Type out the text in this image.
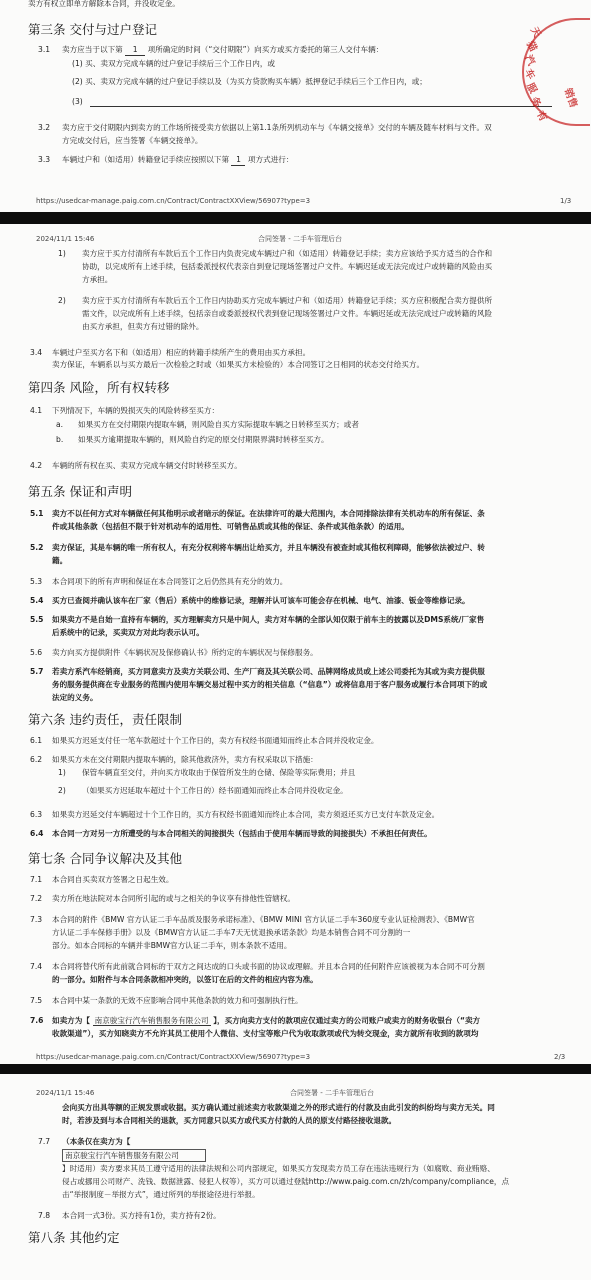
卖方有权立即单方解除本合同，并没收定金。
第三条 交付与过户登记
3.1 卖方应当于以下第 1 项所确定的时间（“交付期限”）向买方或买方委托的第三人交付车辆：
(1) 买、卖双方完成车辆的过户登记手续后三个工作日内，或
(2) 买、卖双方完成车辆的过户登记手续以及（为买方贷款购买车辆）抵押登记手续后三个工作日内，或；
(3)
3.2 卖方应于交付期限内到卖方的工作场所接受卖方依据以上第1.1条所列机动车与《车辆交接单》交付的车辆及随车材料与文件。双
方完成交付后，应当签署《车辆交接单》。
3.3 车辆过户和（如适用）转籍登记手续应按照以下第 1 项方式进行：
https://usedcar-manage.paig.com.cn/Contract/ContractXXView/56907?type=3	1/3
天
猫
汽
车
服
务
有
销售
2024/11/1 15:46	合同签署 - 二手车管理后台
1) 卖方应于买方付清所有车款后五个工作日内负责完成车辆过户和（如适用）转籍登记手续；卖方应该给予买方适当的合作和
协助，以完成所有上述手续，包括委派授权代表亲自到登记现场签署过户文件。车辆迟延或无法完成过户或转籍的风险由买
方承担。
2) 卖方应于买方付清所有车款后五个工作日内协助买方完成车辆过户和（如适用）转籍登记手续；买方应积极配合卖方提供所
需文件，以完成所有上述手续，包括亲自或委派授权代表到登记现场签署过户文件。车辆迟延或无法完成过户或转籍的风险
由买方承担，但卖方有过错的除外。
3.4 车辆过户至买方名下和（如适用）相应的转籍手续所产生的费用由买方承担。
卖方保证，车辆系以与买方最后一次检验之时或（如果买方未检验的）本合同签订之日相同的状态交付给买方。
第四条 风险，所有权转移
4.1 下列情况下，车辆的毁损灭失的风险转移至买方：
a. 如果买方在交付期限内提取车辆，则风险自买方实际提取车辆之日转移至买方；或者
b. 如果买方逾期提取车辆的，则风险自约定的原交付期限界满时转移至买方。
4.2 车辆的所有权在买、卖双方完成车辆交付时转移至买方。
第五条 保证和声明
5.1 卖方不以任何方式对车辆做任何其他明示或者暗示的保证。在法律许可的最大范围内，本合同排除法律有关机动车的所有保证、条
件或其他条款（包括但不限于针对机动车的适用性、可销售品质或其他的保证、条件或其他条款）的适用。
5.2 卖方保证，其是车辆的唯一所有权人，有充分权利将车辆出让给买方，并且车辆没有被查封或其他权利障碍，能够依法被过户、转
籍。
5.3 本合同项下的所有声明和保证在本合同签订之后仍然具有充分的效力。
5.4 买方已查阅并确认该车在厂家（售后）系统中的维修记录，理解并认可该车可能会存在机械、电气、油漆、钣金等维修记录。
5.5 如果卖方不是自始一直持有车辆的，买方理解卖方只是中间人，卖方对车辆的全部认知仅限于前车主的披露以及DMS系统/厂家售
后系统中的记录，买卖双方对此均表示认可。
5.6 卖方向买方提供附件《车辆状况及保修确认书》所约定的车辆状况与保修服务。
5.7 若卖方系汽车经销商，买方同意卖方及卖方关联公司、生产厂商及其关联公司、品牌网络成员或上述公司委托为其或为卖方提供服
务的服务提供商在专业服务的范围内使用车辆交易过程中买方的相关信息（“信息”）或将信息用于客户服务或履行本合同项下的或
法定的义务。
第六条 违约责任，责任限制
6.1 如果买方迟延支付任一笔车款超过十个工作日的，卖方有权经书面通知而终止本合同并没收定金。
6.2 如果买方未在交付期限内提取车辆的，除其他救济外，卖方有权采取以下措施：
1) 保管车辆直至交付，并向买方收取由于保管所发生的仓储、保险等实际费用；并且
2) （如果买方迟延取车超过十个工作日的）经书面通知而终止本合同并没收定金。
6.3 如果卖方迟延交付车辆超过十个工作日的，买方有权经书面通知而终止本合同，卖方须返还买方已支付车款及定金。
6.4 本合同一方对另一方所遭受的与本合同相关的间接损失（包括由于使用车辆而导致的间接损失）不承担任何责任。
第七条 合同争议解决及其他
7.1 本合同自买卖双方签署之日起生效。
7.2 卖方所在地法院对本合同所引起的或与之相关的争议享有排他性管辖权。
7.3 本合同的附件《BMW 官方认证二手车品质及服务承诺标准》、《BMW MINI 官方认证二手车360度专业认证检测表》、《BMW官
方认证二手车保修手册》以及《BMW官方认证二手车7天无忧退换承诺条款》均是本销售合同不可分割的一
部分。如本合同标的车辆并非BMW官方认证二手车，则本条款不适用。
7.4 本合同将替代所有此前就合同标的于双方之间达成的口头或书面的协议或理解。并且本合同的任何附件应该被视为本合同不可分割
的一部分。如附件与本合同条款相冲突的，以签订在后的文件的相应内容为准。
7.5 本合同中某一条款的无效不应影响合同中其他条款的效力和可强制执行性。
7.6 如卖方为【 南京骏宝行汽车销售服务有限公司 】，买方向卖方支付的款项应仅通过卖方的公司账户或卖方的财务收银台（“卖方
收款渠道”），买方知晓卖方不允许其员工使用个人微信、支付宝等账户代为收取款项或代为转交现金，卖方就所有收到的款项均
https://usedcar-manage.paig.com.cn/Contract/ContractXXView/56907?type=3	2/3
2024/11/1 15:46	合同签署 - 二手车管理后台
会向买方出具等额的正规发票或收据。买方确认通过前述卖方收款渠道之外的形式进行的付款及由此引发的纠纷均与卖方无关。同
时，若涉及到与本合同相关的退款，买方同意只以买方或代买方付款的人员的原支付路径接收退款。
7.7 （本条仅在卖方为【
南京骏宝行汽车销售服务有限公司
】时适用）卖方要求其员工遵守适用的法律法规和公司内部规定，如果买方发现卖方员工存在违法违规行为（如腐败、商业贿赂、
侵占或挪用公司财产、洗钱、数据泄露、侵犯人权等），买方可以通过登陆http://www.paig.com.cn/zh/company/compliance，点
击“举报制度－举报方式”，通过所列的举报途径进行举报。
7.8 本合同一式3份。买方持有1份，卖方持有2份。
第八条 其他约定
